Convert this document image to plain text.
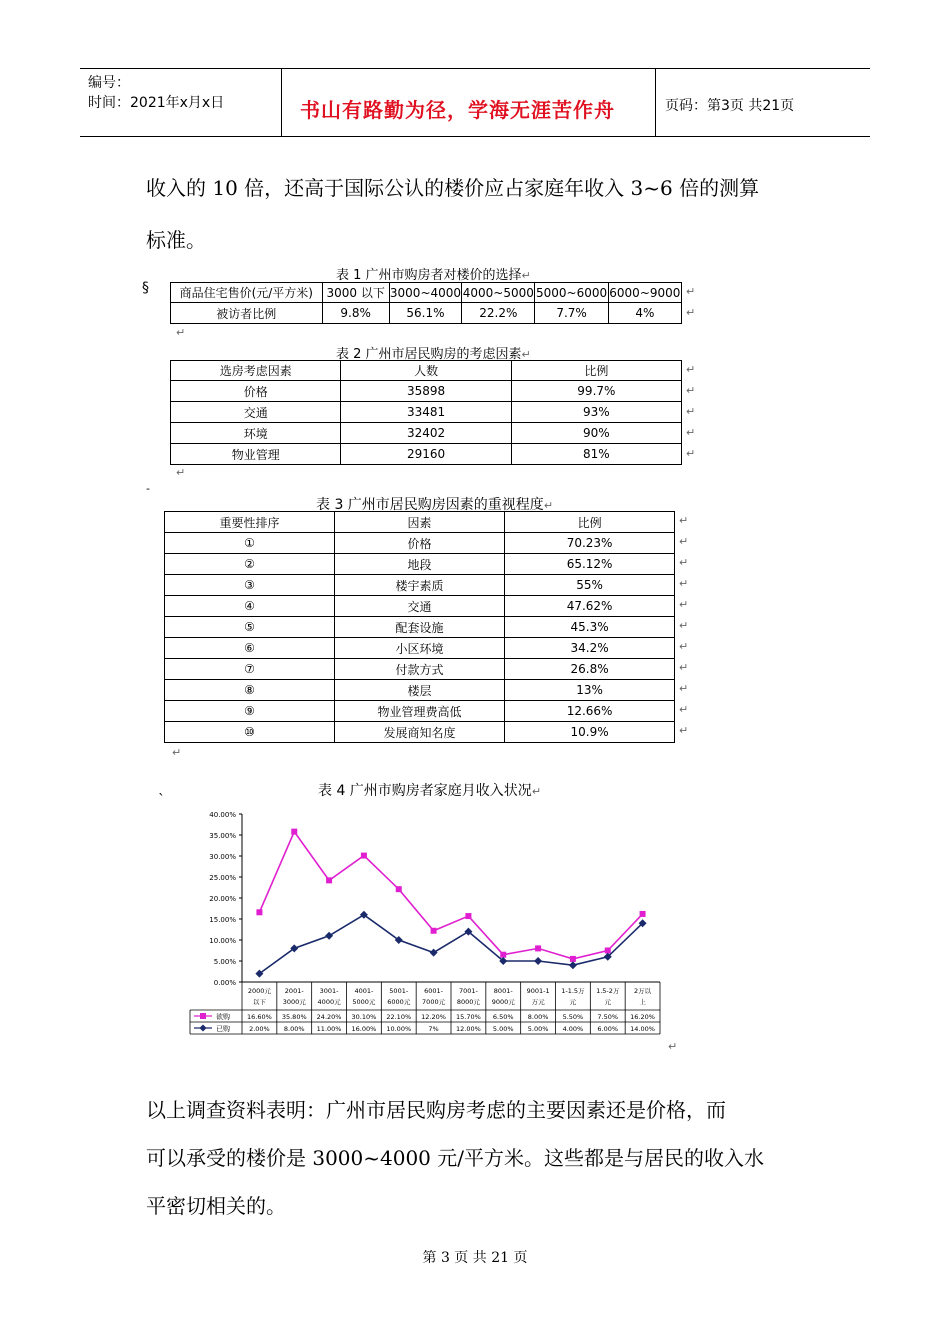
编号：
时间：2021年x月x日	书山有路勤为径，学海无涯苦作舟	页码：第3页 共21页
收入的 10 倍，还高于国际公认的楼价应占家庭年收入 3~6 倍的测算
标准。
§
表 1 广州市购房者对楼价的选择↵
商品住宅售价(元/平方米)	3000 以下	3000~4000	4000~5000	5000~6000	6000~9000
被访者比例	9.8%	56.1%	22.2%	7.7%	4%
↵
↵
↵
表 2 广州市居民购房的考虑因素↵
选房考虑因素	人数	比例
价格	35898	99.7%
交通	33481	93%
环境	32402	90%
物业管理	29160	81%
↵
↵
↵
↵
↵
↵
-
表 3 广州市居民购房因素的重视程度↵
重要性排序	因素	比例
①	价格	70.23%
②	地段	65.12%
③	楼宇素质	55%
④	交通	47.62%
⑤	配套设施	45.3%
⑥	小区环境	34.2%
⑦	付款方式	26.8%
⑧	楼层	13%
⑨	物业管理费高低	12.66%
⑩	发展商知名度	10.9%
↵
↵
↵
↵
↵
↵
↵
↵
↵
↵
↵
↵
ˎ	表 4 广州市购房者家庭月收入状况↵
0.00%
5.00%
10.00%
15.00%
20.00%
25.00%
30.00%
35.00%
40.00%
2000元
以下
2001-
3000元
3001-
4000元
4001-
5000元
5001-
6000元
6001-
7000元
7001-
8000元
8001-
9000元
9001-1
万元
1-1.5万
元
1.5-2万
元
2万以
上
欲购	16.60% 35.80% 24.20% 30.10% 22.10% 12.20% 15.70% 6.50% 8.00% 5.50% 7.50% 16.20%
已购	2.00% 8.00% 11.00% 16.00% 10.00%	7%	12.00% 5.00% 5.00% 4.00% 6.00% 14.00%
↵
以上调查资料表明：广州市居民购房考虑的主要因素还是价格，而
可以承受的楼价是 3000~4000 元/平方米。这些都是与居民的收入水
平密切相关的。
第 3 页 共 21 页
